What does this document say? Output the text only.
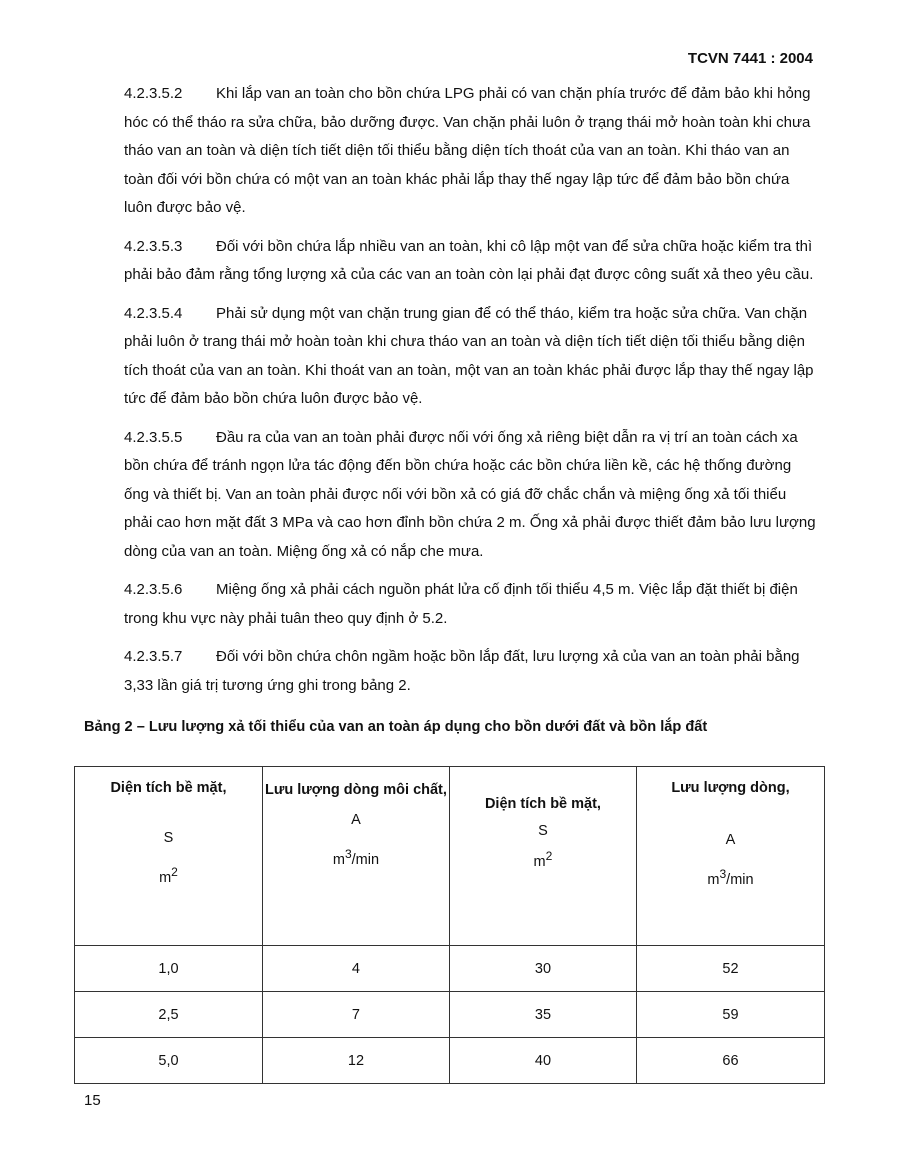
TCVN 7441 : 2004

4.2.3.5.2 Khi lắp van an toàn cho bồn chứa LPG phải có van chặn phía trước để đảm bảo khi hỏng hóc có thể tháo ra sửa chữa, bảo dưỡng được. Van chặn phải luôn ở trạng thái mở hoàn toàn khi chưa tháo van an toàn và diện tích tiết diện tối thiểu bằng diện tích thoát của van an toàn. Khi tháo van an toàn đối với bồn chứa có một van an toàn khác phải lắp thay thế ngay lập tức để đảm bảo bồn chứa luôn được bảo vệ.

4.2.3.5.3 Đối với bồn chứa lắp nhiều van an toàn, khi cô lập một van để sửa chữa hoặc kiểm tra thì phải bảo đảm rằng tổng lượng xả của các van an toàn còn lại phải đạt được công suất xả theo yêu cầu.

4.2.3.5.4 Phải sử dụng một van chặn trung gian để có thể tháo, kiểm tra hoặc sửa chữa. Van chặn phải luôn ở trang thái mở hoàn toàn khi chưa tháo van an toàn và diện tích tiết diện tối thiểu bằng diện tích thoát của van an toàn. Khi thoát van an toàn, một van an toàn khác phải được lắp thay thế ngay lập tức để đảm bảo bồn chứa luôn được bảo vệ.

4.2.3.5.5 Đầu ra của van an toàn phải được nối với ống xả riêng biệt dẫn ra vị trí an toàn cách xa bồn chứa để tránh ngọn lửa tác động đến bồn chứa hoặc các bồn chứa liền kề, các hệ thống đường ống và thiết bị. Van an toàn phải được nối với bồn xả có giá đỡ chắc chắn và miệng ống xả tối thiểu phải cao hơn mặt đất 3 MPa và cao hơn đỉnh bồn chứa 2 m. Ống xả phải được thiết đảm bảo lưu lượng dòng của van an toàn. Miệng ống xả có nắp che mưa.

4.2.3.5.6 Miệng ống xả phải cách nguồn phát lửa cố định tối thiểu 4,5 m. Việc lắp đặt thiết bị điện trong khu vực này phải tuân theo quy định ở 5.2.

4.2.3.5.7 Đối với bồn chứa chôn ngầm hoặc bồn lắp đất, lưu lượng xả của van an toàn phải bằng 3,33 lần giá trị tương ứng ghi trong bảng 2.

Bảng 2 – Lưu lượng xả tối thiểu của van an toàn áp dụng cho bồn dưới đất và bồn lắp đất
Diện tích bề mặt,
S
$m^2$	Lưu lượng dòng môi chất,
A
$m^3/\min$	Diện tích bề mặt,
S
$m^2$	Lưu lượng dòng,
A
$m^3/\min$

1,0	4	30	52
2,5	7	35	59
5,0	12	40	66
15
